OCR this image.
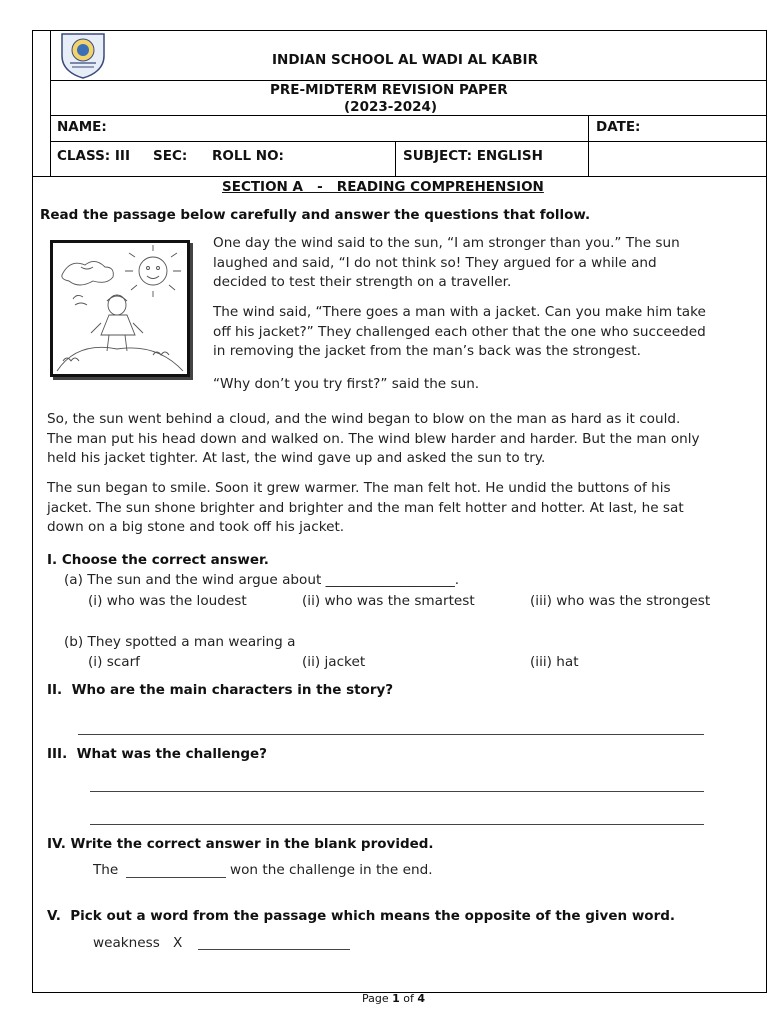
INDIAN SCHOOL AL WADI AL KABIR
PRE-MIDTERM REVISION PAPER
(2023-2024)
NAME:	DATE:
CLASS: III SEC: ROLL NO:	SUBJECT: ENGLISH
SECTION A   -   READING COMPREHENSION
Read the passage below carefully and answer the questions that follow.
One day the wind said to the sun, “I am stronger than you.” The sun
laughed and said, “I do not think so! They argued for a while and
decided to test their strength on a traveller.
The wind said, “There goes a man with a jacket. Can you make him take
off his jacket?” They challenged each other that the one who succeeded
in removing the jacket from the man’s back was the strongest.
“Why don’t you try first?” said the sun.
So, the sun went behind a cloud, and the wind began to blow on the man as hard as it could.
The man put his head down and walked on. The wind blew harder and harder. But the man only
held his jacket tighter. At last, the wind gave up and asked the sun to try.
The sun began to smile. Soon it grew warmer. The man felt hot. He undid the buttons of his
jacket. The sun shone brighter and brighter and the man felt hotter and hotter. At last, he sat
down on a big stone and took off his jacket.
I. Choose the correct answer.
(a) The sun and the wind argue about ___________________.
(i) who was the loudest	(ii) who was the smartest	(iii) who was the strongest
(b) They spotted a man wearing a
(i) scarf	(ii) jacket	(iii) hat
II.  Who are the main characters in the story?
III.  What was the challenge?
IV. Write the correct answer in the blank provided.
The	won the challenge in the end.
V.  Pick out a word from the passage which means the opposite of the given word.
weakness X
Page 1 of 4
